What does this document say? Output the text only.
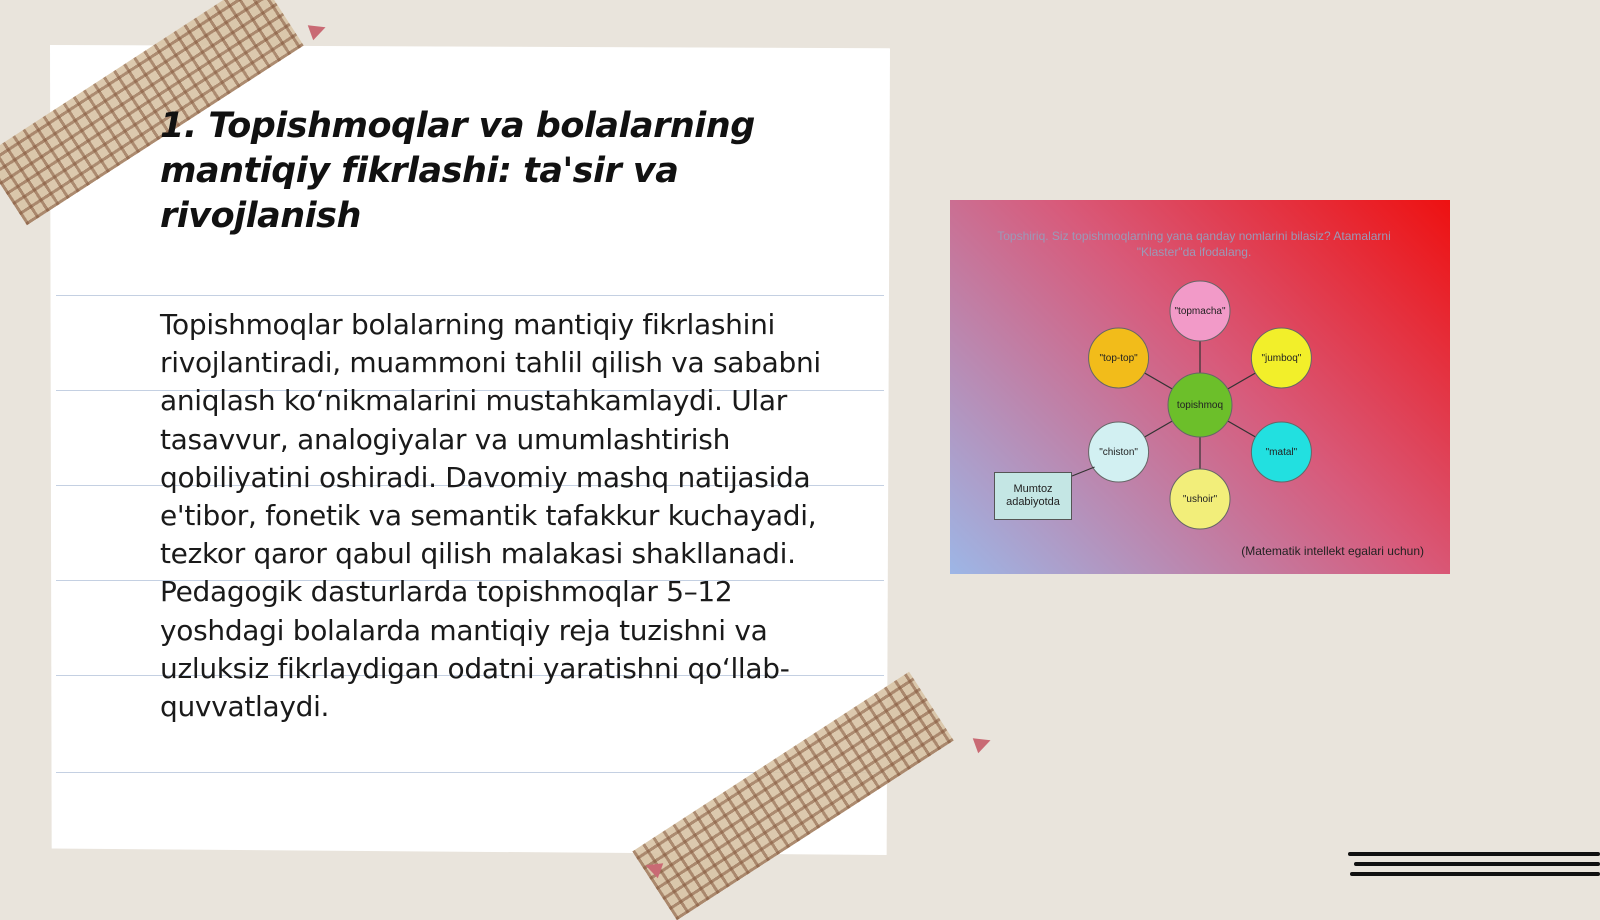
1. Topishmoqlar va bolalarning mantiqiy fikrlashi: ta'sir va rivojlanish

Topishmoqlar bolalarning mantiqiy fikrlashini rivojlantiradi, muammoni tahlil qilish va sababni aniqlash ko‘nikmalarini mustahkamlaydi. Ular tasavvur, analogiyalar va umumlashtirish qobiliyatini oshiradi. Davomiy mashq natijasida e'tibor, fonetik va semantik tafakkur kuchayadi, tezkor qaror qabul qilish malakasi shakllanadi. Pedagogik dasturlarda topishmoqlar 5–12 yoshdagi bolalarda mantiqiy reja tuzishni va uzluksiz fikrlaydigan odatni yaratishni qo‘llab-quvvatlaydi.

Topshiriq. Siz topishmoqlarning yana qanday nomlarini bilasiz? Atamalarni "Klaster"da ifodalang.
"topmacha"
"jumboq"
"matal"
"ushoir"
"chiston"
"top-top"
topishmoq
Mumtoz adabiyotda
(Matematik intellekt egalari uchun)
